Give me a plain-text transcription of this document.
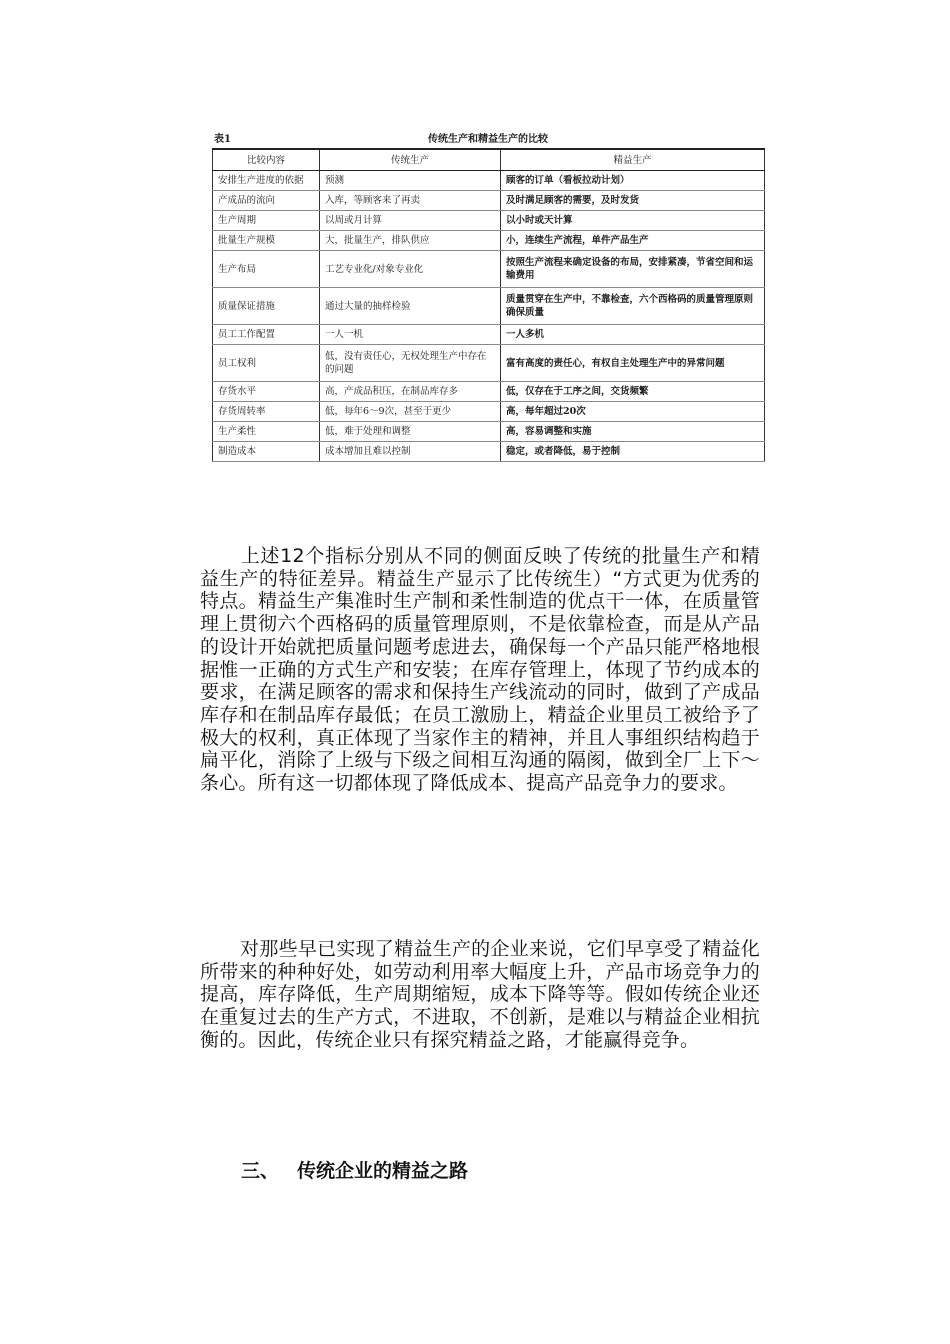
表1	传统生产和精益生产的比较
比较内容	传统生产	精益生产
安排生产进度的依据	预测	顾客的订单（看板拉动计划）
产成品的流向	入库，等顾客来了再卖	及时满足顾客的需要，及时发货
生产周期	以周或月计算	以小时或天计算
批量生产规模	大，批量生产，排队供应	小，连续生产流程，单件产品生产
生产布局	工艺专业化/对象专业化	按照生产流程来确定设备的布局，安排紧凑，节省空间和运输费用
质量保证措施	通过大量的抽样检验	质量贯穿在生产中，不靠检查，六个西格码的质量管理原则确保质量
员工工作配置	一人一机	一人多机
员工权利	低，没有责任心，无权处理生产中存在的问题	富有高度的责任心，有权自主处理生产中的异常问题
存货水平	高，产成品积压，在制品库存多	低，仅存在于工序之间，交货频繁
存货周转率	低，每年6～9次，甚至于更少	高，每年超过20次
生产柔性	低，难于处理和调整	高，容易调整和实施
制造成本	成本增加且难以控制	稳定，或者降低，易于控制

上述12个指标分别从不同的侧面反映了传统的批量生产和精益生产的特征差异。精益生产显示了比传统生）“方式更为优秀的特点。精益生产集准时生产制和柔性制造的优点干一体，在质量管理上贯彻六个西格码的质量管理原则，不是依靠检查，而是从产品的设计开始就把质量问题考虑进去，确保每一个产品只能严格地根据惟一正确的方式生产和安装；在库存管理上，体现了节约成本的要求，在满足顾客的需求和保持生产线流动的同时，做到了产成品库存和在制品库存最低；在员工激励上，精益企业里员工被给予了极大的权利，真正体现了当家作主的精神，并且人事组织结构趋于扁平化，消除了上级与下级之间相互沟通的隔阂，做到全厂上下～条心。所有这一切都体现了降低成本、提高产品竞争力的要求。

对那些早已实现了精益生产的企业来说，它们早享受了精益化所带来的种种好处，如劳动利用率大幅度上升，产品市场竞争力的提高，库存降低，生产周期缩短，成本下降等等。假如传统企业还在重复过去的生产方式，不进取，不创新，是难以与精益企业相抗衡的。因此，传统企业只有探究精益之路，才能赢得竞争。

三、 传统企业的精益之路
